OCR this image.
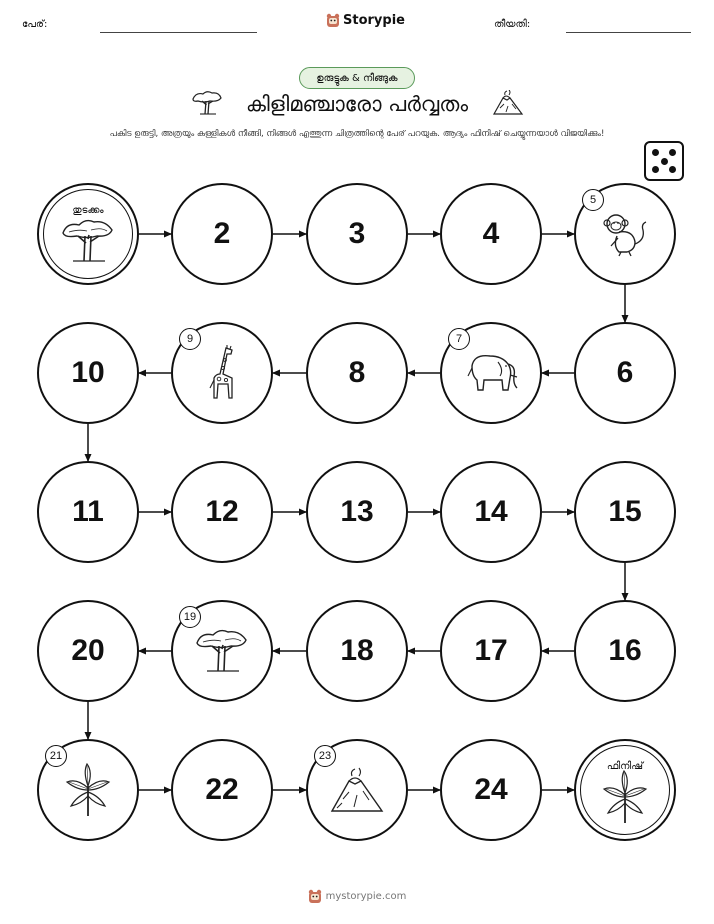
പേര്:	Storypie	തീയതി:
ഉരുട്ടുക & നീങ്ങുക
കിളിമഞ്ചാരോ പർവ്വതം
പകിട ഉരുട്ടി, അത്രയും കള്ളികൾ നീങ്ങി, നിങ്ങൾ എത്തുന്ന ചിത്രത്തിന്റെ പേര് പറയുക. ആദ്യം ഫിനിഷ് ചെയ്യുന്നയാൾ വിജയിക്കും!
തുടക്കം
2	3	4
5
6
7
8
9
10
11	12	13	14	15
16
17
18
19
20
21
22
23
24
ഫിനിഷ്
mystorypie.com
